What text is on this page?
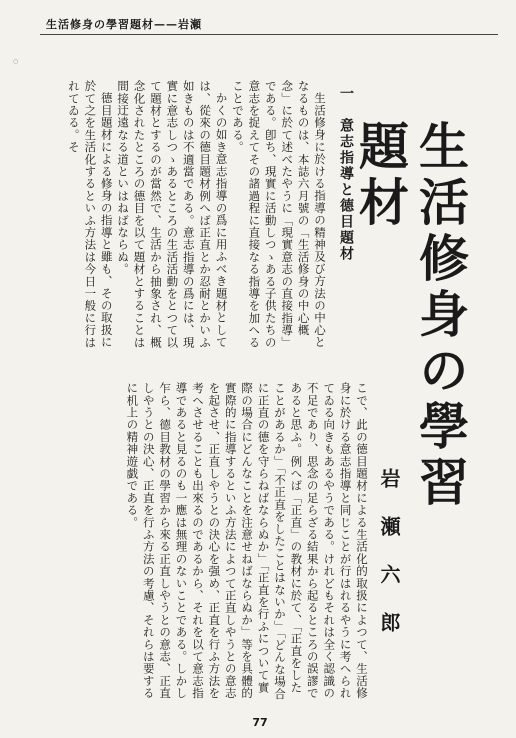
○
生活修身の學習題材——岩瀬
生活修身の學習題材
岩瀬六郎
一　意志指導と德目題材

生活修身に於ける指導の精神及び方法の中心となるものは、本誌六月號の「生活修身の中心概念」に於て述べたやうに「現實意志の直接指導」である。卽ち、現實に活動しつゝある子供たちの意志を捉えてその諸過程に直接なる指導を加へることである。

かくの如き意志指導の爲に用ふべき題材としては、從來の德目題材例へば正直とか忍耐とかいふ如きものは不適當である。意志指導の爲には、現實に意志しつゝあるところの生活活動をとつて以て題材とするのが當然で、生活から抽象され、概念化されたところの德目を以て題材とすることは間接迂遠なる道といはねばならぬ。

德目題材による修身の指導と雖も、その取扱に於て之を生活化するといふ方法は今日一般に行はれてゐる。そ

こで、此の德目題材による生活化的取扱によつて、生活修身に於ける意志指導と同じことが行はれるやうに考へられてゐる向きもあるやうである。けれどもそれは全く認識の不足であり、思念の足らざる結果から起るところの誤謬であると思ふ。例へば「正直」の教材に於て、「正直をしたことがあるか」「不正直をしたことはないか」「どんな場合に正直の德を守らねばならぬか」「正直を行ふについて實際の場合にどんなことを注意せねばならぬか」等を具體的實際的に指導するといふ方法によつて正直しやうとの意志を起させ、正直しやうとの決心を强め、正直を行ふ方法を考へさせることも出來るのであるから、それを以て意志指導であると見るのも一應は無理のないことである。しかし乍ら、德目教材の學習から來る正直しやうとの意志、正直しやうとの決心、正直を行ふ方法の考慮、それらは要するに机上の精神遊戯である。

77
